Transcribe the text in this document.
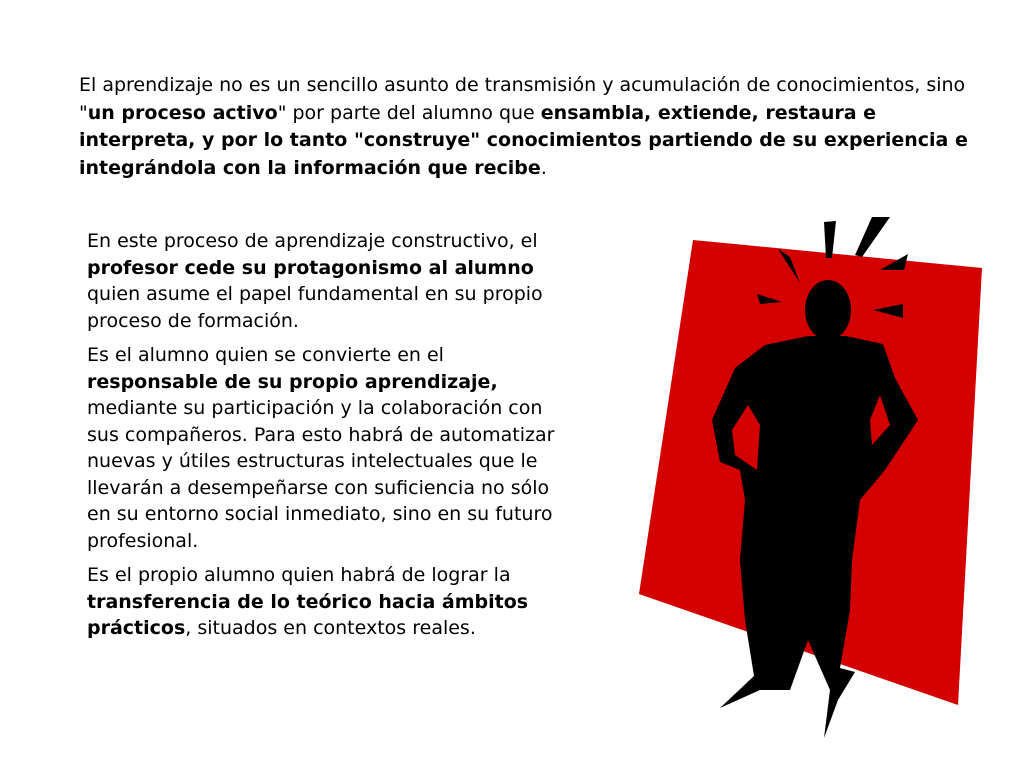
El aprendizaje no es un sencillo asunto de transmisión y acumulación de conocimientos, sino "un proceso activo" por parte del alumno que ensambla, extiende, restaura e interpreta, y por lo tanto "construye" conocimientos partiendo de su experiencia e integrándola con la información que recibe.

En este proceso de aprendizaje constructivo, el profesor cede su protagonismo al alumno quien asume el papel fundamental en su propio proceso de formación.

Es el alumno quien se convierte en el responsable de su propio aprendizaje, mediante su participación y la colaboración con sus compañeros. Para esto habrá de automatizar nuevas y útiles estructuras intelectuales que le llevarán a desempeñarse con suficiencia no sólo en su entorno social inmediato, sino en su futuro profesional.

Es el propio alumno quien habrá de lograr la transferencia de lo teórico hacia ámbitos prácticos, situados en contextos reales.
